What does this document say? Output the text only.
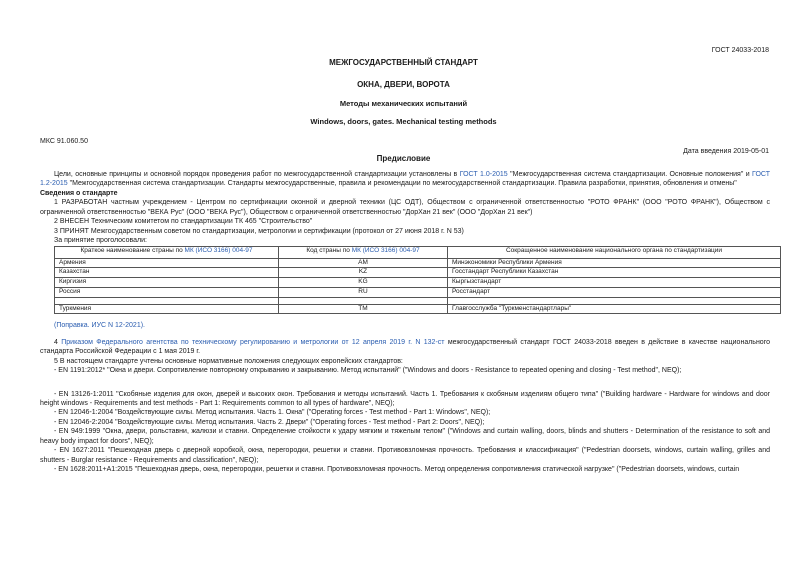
ГОСТ 24033-2018
МЕЖГОСУДАРСТВЕННЫЙ СТАНДАРТ
ОКНА, ДВЕРИ, ВОРОТА
Методы механических испытаний
Windows, doors, gates. Mechanical testing methods
МКС 91.060.50
Дата введения 2019-05-01
Предисловие

Цели, основные принципы и основной порядок проведения работ по межгосударственной стандартизации установлены в ГОСТ 1.0-2015 "Межгосударственная система стандартизации. Основные положения" и ГОСТ 1.2-2015 "Межгосударственная система стандартизации. Стандарты межгосударственные, правила и рекомендации по межгосударственной стандартизации. Правила разработки, принятия, обновления и отмены"

Сведения о стандарте

1 РАЗРАБОТАН частным учреждением - Центром по сертификации оконной и дверной техники (ЦС ОДТ), Обществом с ограниченной ответственностью "РОТО ФРАНК" (ООО "РОТО ФРАНК"), Обществом с ограниченной ответственностью "ВЕКА Рус" (ООО "ВЕКА Рус"), Обществом с ограниченной ответственностью "ДорХан 21 век" (ООО "ДорХан 21 век")

2 ВНЕСЕН Техническим комитетом по стандартизации ТК 465 "Строительство"

3 ПРИНЯТ Межгосударственным советом по стандартизации, метрологии и сертификации (протокол от 27 июня 2018 г. N 53)

За принятие проголосовали:

Краткое наименование страны по МК (ИСО 3166) 004-97	Код страны по МК (ИСО 3166) 004-97	Сокращенное наименование национального органа по стандартизации
Армения	AM	Минэкономики Республики Армения
Казахстан	KZ	Госстандарт Республики Казахстан
Киргизия	KG	Кыргызстандарт
Россия	RU	Росстандарт

Туркмения	TM	Главгосслужба "Туркменстандартлары"

(Поправка. ИУС N 12-2021).

4 Приказом Федерального агентства по техническому регулированию и метрологии от 12 апреля 2019 г. N 132-ст межгосударственный стандарт ГОСТ 24033-2018 введен в действие в качестве национального стандарта Российской Федерации с 1 мая 2019 г.

5 В настоящем стандарте учтены основные нормативные положения следующих европейских стандартов:

- EN 1191:2012* "Окна и двери. Сопротивление повторному открыванию и закрыванию. Метод испытаний" ("Windows and doors - Resistance to repeated opening and closing - Test method", NEQ);

- EN 13126-1:2011 "Скобяные изделия для окон, дверей и высоких окон. Требования и методы испытаний. Часть 1. Требования к скобяным изделиям общего типа" ("Building hardware - Hardware for windows and door height windows - Requirements and test methods - Part 1: Requirements common to all types of hardware", NEQ);

- EN 12046-1:2004 "Воздействующие силы. Метод испытания. Часть 1. Окна" ("Operating forces - Test method - Part 1: Windows", NEQ);

- EN 12046-2:2004 "Воздействующие силы. Метод испытания. Часть 2. Двери" ("Operating forces - Test method - Part 2: Doors", NEQ);

- EN 949:1999 "Окна, двери, рольставни, жалюзи и ставни. Определение стойкости к удару мягким и тяжелым телом" ("Windows and curtain walling, doors, blinds and shutters - Determination of the resistance to soft and heavy body impact for doors", NEQ);

- EN 1627:2011 "Пешеходная дверь с дверной коробкой, окна, перегородки, решетки и ставни. Противовзломная прочность. Требования и классификация" ("Pedestrian doorsets, windows, curtain walling, grilles and shutters - Burglar resistance - Requirements and classification", NEQ);

- EN 1628:2011+A1:2015 "Пешеходная дверь, окна, перегородки, решетки и ставни. Противовзломная прочность. Метод определения сопротивления статической нагрузке" ("Pedestrian doorsets, windows, curtain
